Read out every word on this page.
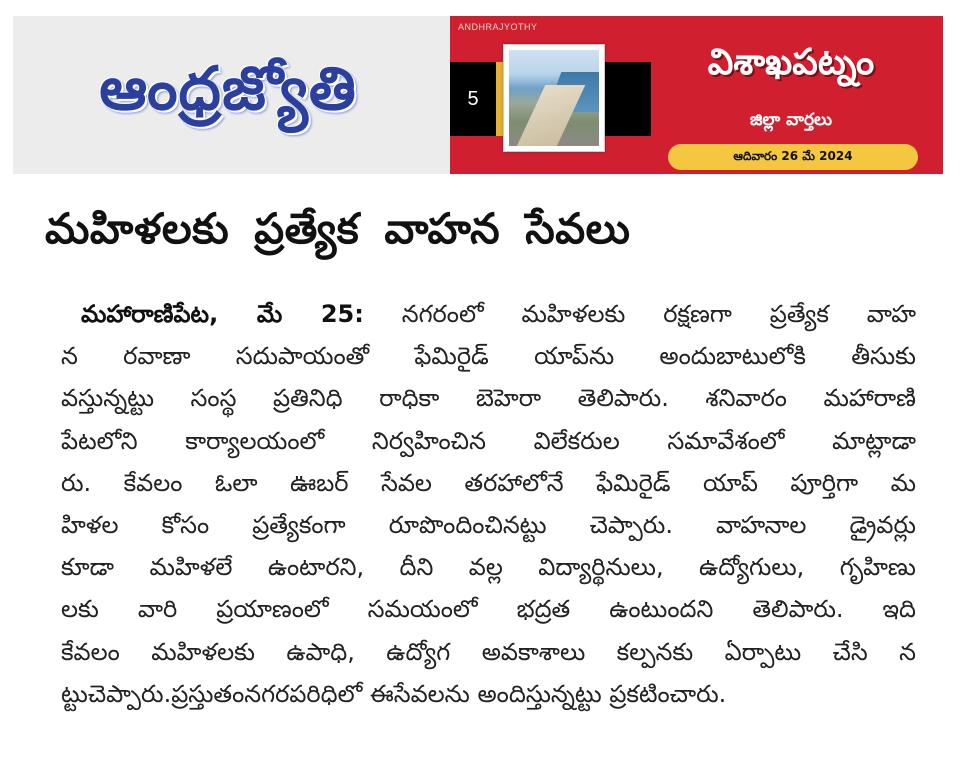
ఆంధ్రజ్యోతి
ANDHRAJYOTHY
5
విశాఖపట్నం
జిల్లా వార్తలు
ఆదివారం 26 మే 2024
మహిళలకు ప్రత్యేక వాహన సేవలు
మహారాణిపేట, మే 25: నగరంలో మహిళలకు రక్షణగా ప్రత్యేక వాహ
న రవాణా సదుపాయంతో ఫేమిరైడ్ యాప్‌ను అందుబాటులోకి తీసుకు
వస్తున్నట్టు సంస్థ ప్రతినిధి రాధికా బెహెరా తెలిపారు. శనివారం మహారాణి
పేటలోని కార్యాలయంలో నిర్వహించిన విలేకరుల సమావేశంలో మాట్లాడా
రు. కేవలం ఓలా ఊబర్ సేవల తరహాలోనే ఫేమిరైడ్ యాప్ పూర్తిగా మ
హిళల కోసం ప్రత్యేకంగా రూపొందించినట్టు చెప్పారు. వాహనాల డ్రైవర్లు
కూడా మహిళలే ఉంటారని, దీని వల్ల విద్యార్థినులు, ఉద్యోగులు, గృహిణు
లకు వారి ప్రయాణంలో సమయంలో భద్రత ఉంటుందని తెలిపారు. ఇది
కేవలం మహిళలకు ఉపాధి, ఉద్యోగ అవకాశాలు కల్పనకు ఏర్పాటు చేసి న
ట్టుచెప్పారు.ప్రస్తుతంనగరపరిధిలో ఈసేవలను అందిస్తున్నట్టు ప్రకటించారు.
